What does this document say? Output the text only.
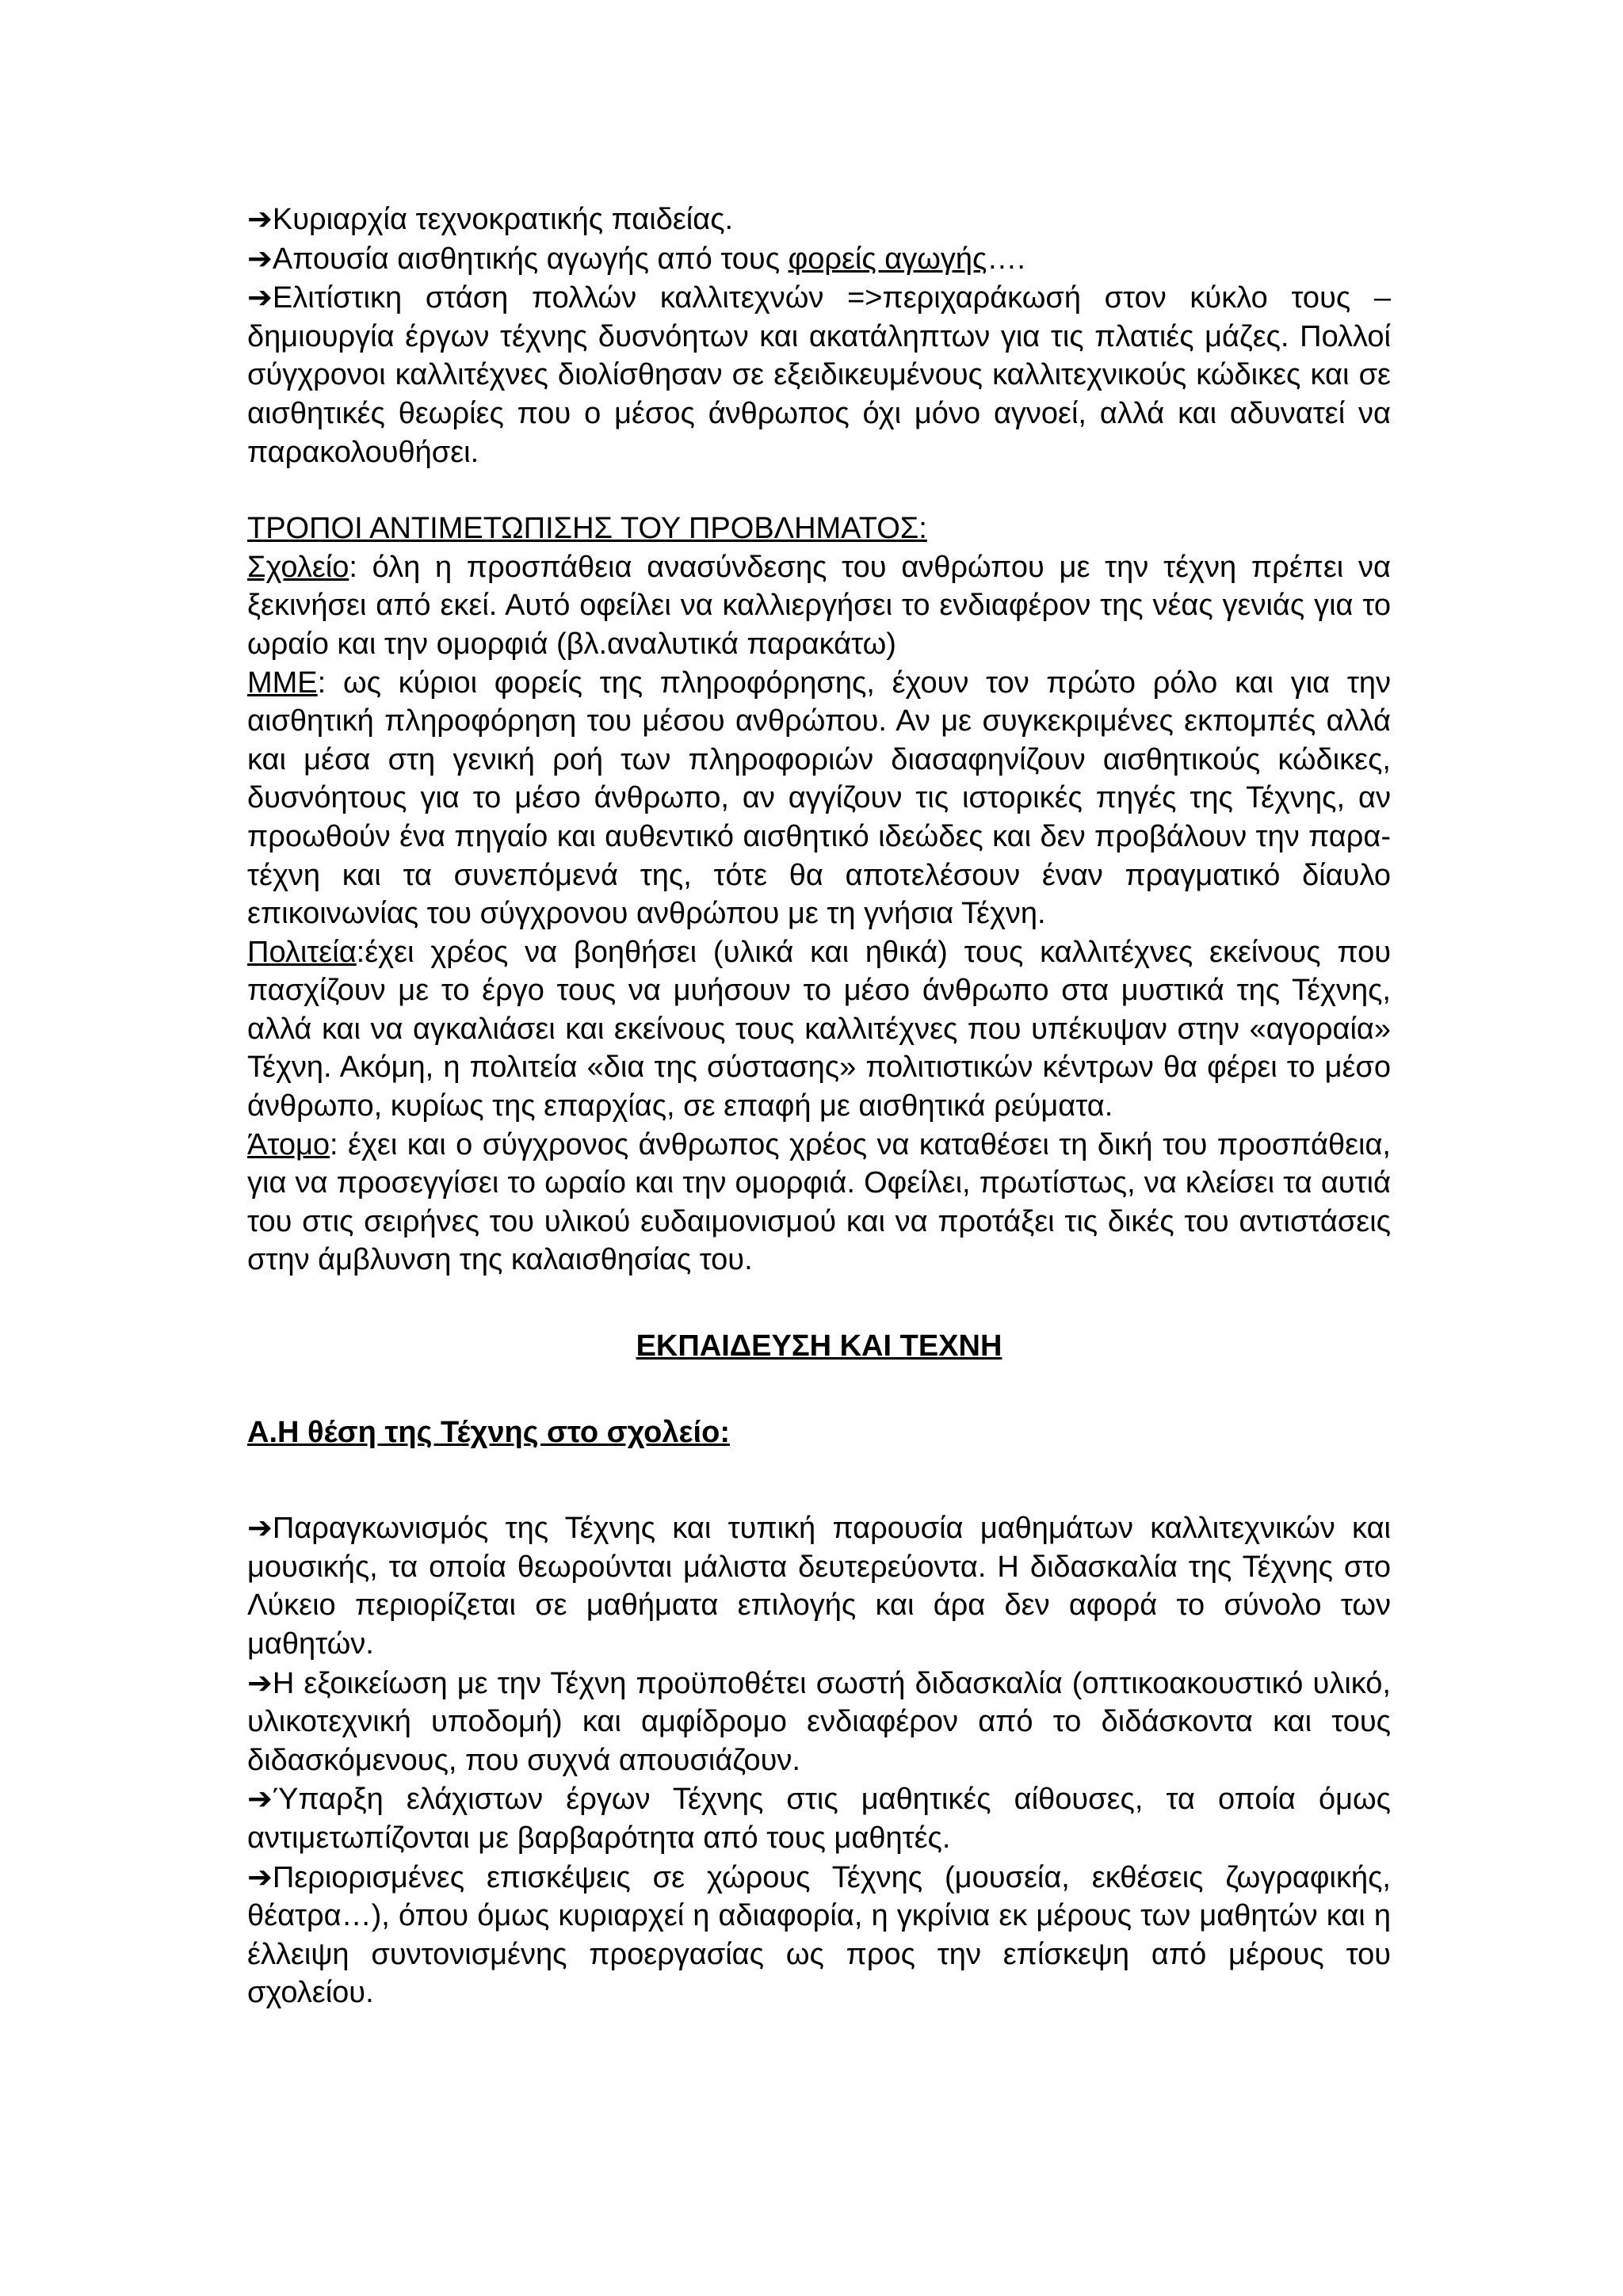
➔Κυριαρχία τεχνοκρατικής παιδείας.

➔Απουσία αισθητικής αγωγής από τους φορείς αγωγής….

➔Ελιτίστικη στάση πολλών καλλιτεχνών =>περιχαράκωσή στον κύκλο τους – δημιουργία έργων τέχνης δυσνόητων και ακατάληπτων για τις πλατιές μάζες. Πολλοί σύγχρονοι καλλιτέχνες διολίσθησαν σε εξειδικευμένους καλλιτεχνικούς κώδικες και σε αισθητικές θεωρίες που ο μέσος άνθρωπος όχι μόνο αγνοεί, αλλά και αδυνατεί να παρακολουθήσει.

ΤΡΟΠΟΙ ΑΝΤΙΜΕΤΩΠΙΣΗΣ ΤΟΥ ΠΡΟΒΛΗΜΑΤΟΣ:

Σχολείο: όλη η προσπάθεια ανασύνδεσης του ανθρώπου με την τέχνη πρέπει να ξεκινήσει από εκεί. Αυτό οφείλει να καλλιεργήσει το ενδιαφέρον της νέας γενιάς για το ωραίο και την ομορφιά (βλ.αναλυτικά παρακάτω)

ΜΜΕ: ως κύριοι φορείς της πληροφόρησης, έχουν τον πρώτο ρόλο και για την αισθητική πληροφόρηση του μέσου ανθρώπου. Αν με συγκεκριμένες εκπομπές αλλά και μέσα στη γενική ροή των πληροφοριών διασαφηνίζουν αισθητικούς κώδικες, δυσνόητους για το μέσο άνθρωπο, αν αγγίζουν τις ιστορικές πηγές της Τέχνης, αν προωθούν ένα πηγαίο και αυθεντικό αισθητικό ιδεώδες και δεν προβάλουν την παρα-τέχνη και τα συνεπόμενά της, τότε θα αποτελέσουν έναν πραγματικό δίαυλο επικοινωνίας του σύγχρονου ανθρώπου με τη γνήσια Τέχνη.

Πολιτεία:έχει χρέος να βοηθήσει (υλικά και ηθικά) τους καλλιτέχνες εκείνους που πασχίζουν με το έργο τους να μυήσουν το μέσο άνθρωπο στα μυστικά της Τέχνης, αλλά και να αγκαλιάσει και εκείνους τους καλλιτέχνες που υπέκυψαν στην «αγοραία» Τέχνη. Ακόμη, η πολιτεία «δια της σύστασης» πολιτιστικών κέντρων θα φέρει το μέσο άνθρωπο, κυρίως της επαρχίας, σε επαφή με αισθητικά ρεύματα.

Άτομο: έχει και ο σύγχρονος άνθρωπος χρέος να καταθέσει τη δική του προσπάθεια, για να προσεγγίσει το ωραίο και την ομορφιά. Οφείλει, πρωτίστως, να κλείσει τα αυτιά του στις σειρήνες του υλικού ευδαιμονισμού και να προτάξει τις δικές του αντιστάσεις στην άμβλυνση της καλαισθησίας του.

ΕΚΠΑΙΔΕΥΣΗ ΚΑΙ ΤΕΧΝΗ

Α.Η θέση της Τέχνης στο σχολείο:

➔Παραγκωνισμός της Τέχνης και τυπική παρουσία μαθημάτων καλλιτεχνικών και μουσικής, τα οποία θεωρούνται μάλιστα δευτερεύοντα. Η διδασκαλία της Τέχνης στο Λύκειο περιορίζεται σε μαθήματα επιλογής και άρα δεν αφορά το σύνολο των μαθητών.

➔Η εξοικείωση με την Τέχνη προϋποθέτει σωστή διδασκαλία (οπτικοακουστικό υλικό, υλικοτεχνική υποδομή) και αμφίδρομο ενδιαφέρον από το διδάσκοντα και τους διδασκόμενους, που συχνά απουσιάζουν.

➔Ύπαρξη ελάχιστων έργων Τέχνης στις μαθητικές αίθουσες, τα οποία όμως αντιμετωπίζονται με βαρβαρότητα από τους μαθητές.

➔Περιορισμένες επισκέψεις σε χώρους Τέχνης (μουσεία, εκθέσεις ζωγραφικής, θέατρα…), όπου όμως κυριαρχεί η αδιαφορία, η γκρίνια εκ μέρους των μαθητών και η έλλειψη συντονισμένης προεργασίας ως προς την επίσκεψη από μέρους του σχολείου.
